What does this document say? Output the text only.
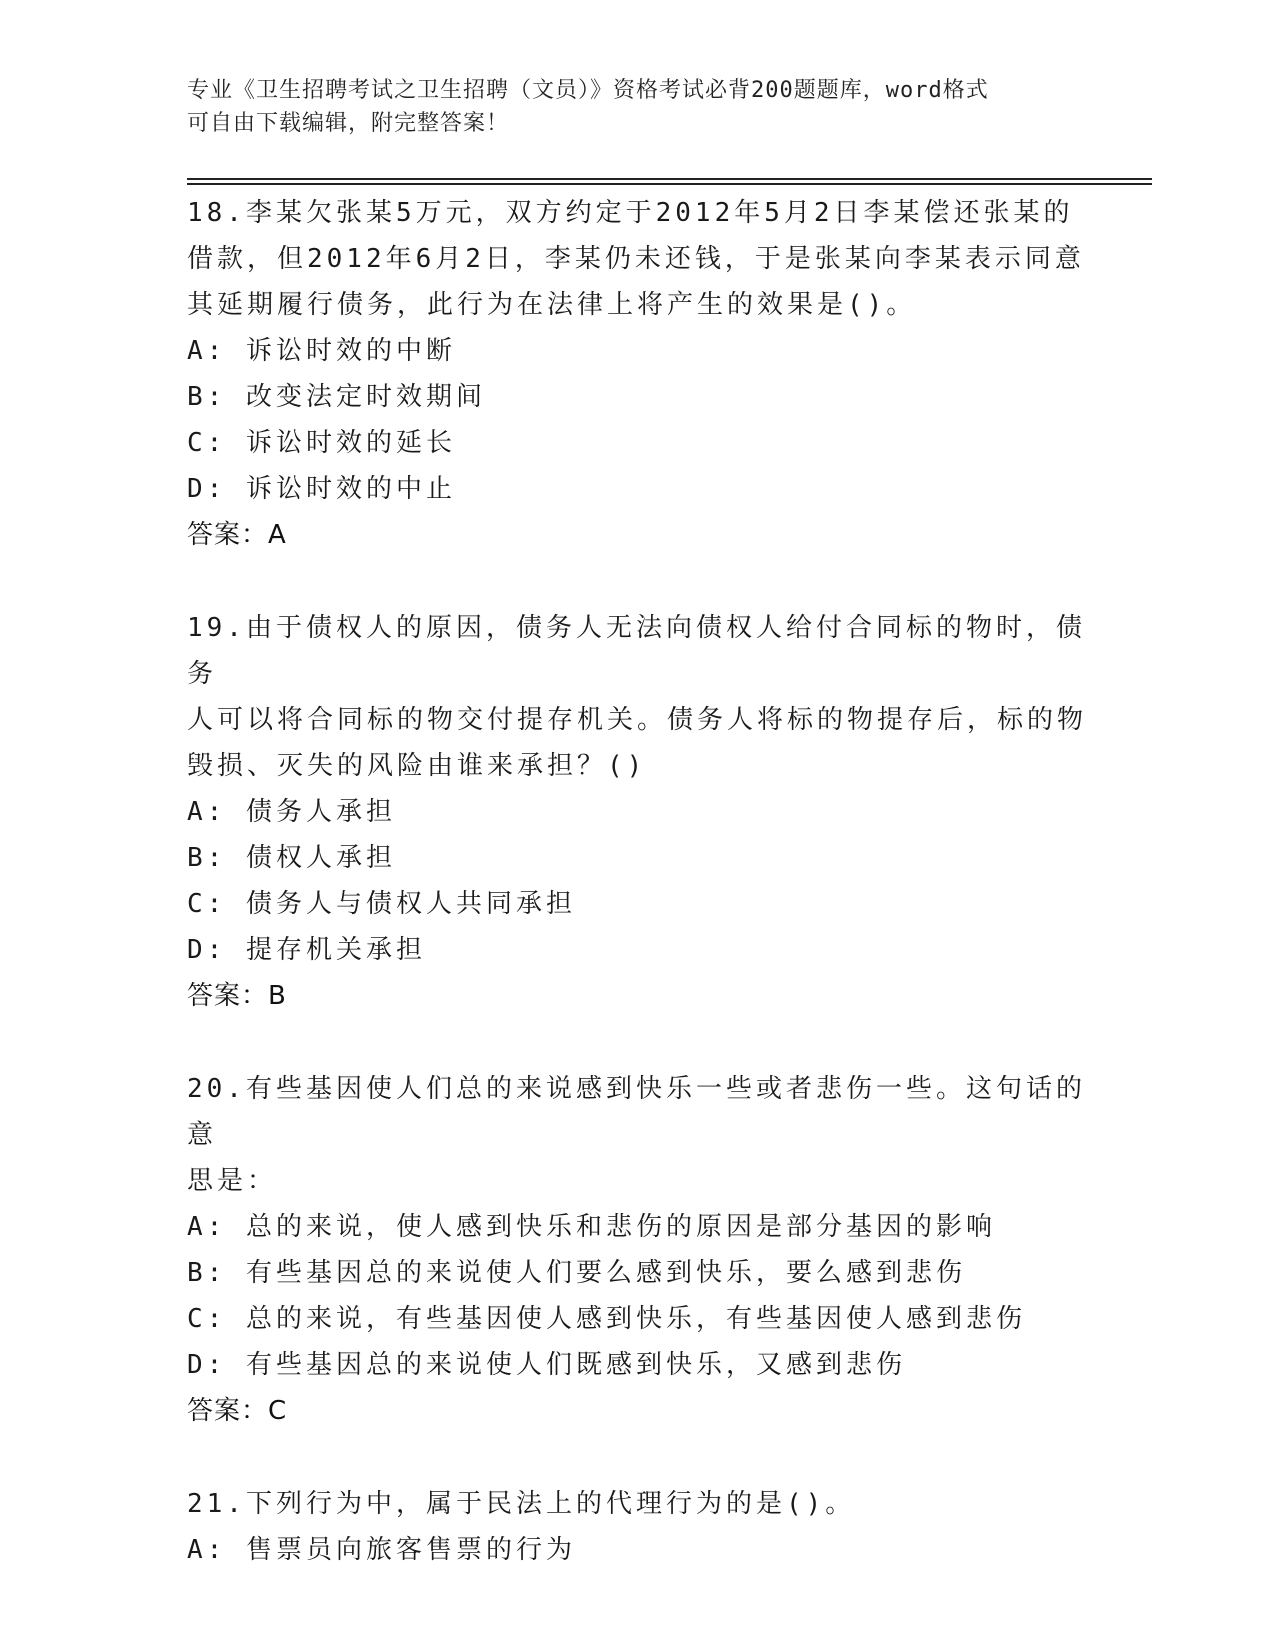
专业《卫生招聘考试之卫生招聘（文员）》资格考试必背200题题库，word格式
可自由下载编辑，附完整答案！
18.李某欠张某5万元，双方约定于2012年5月2日李某偿还张某的
借款，但2012年6月2日，李某仍未还钱，于是张某向李某表示同意
其延期履行债务，此行为在法律上将产生的效果是()。
A: 诉讼时效的中断
B: 改变法定时效期间
C: 诉讼时效的延长
D: 诉讼时效的中止
答案：A
19.由于债权人的原因，债务人无法向债权人给付合同标的物时，债务
人可以将合同标的物交付提存机关。债务人将标的物提存后，标的物
毁损、灭失的风险由谁来承担？()
A: 债务人承担
B: 债权人承担
C: 债务人与债权人共同承担
D: 提存机关承担
答案：B
20.有些基因使人们总的来说感到快乐一些或者悲伤一些。这句话的意
思是：
A: 总的来说，使人感到快乐和悲伤的原因是部分基因的影响
B: 有些基因总的来说使人们要么感到快乐，要么感到悲伤
C: 总的来说，有些基因使人感到快乐，有些基因使人感到悲伤
D: 有些基因总的来说使人们既感到快乐，又感到悲伤
答案：C
21.下列行为中，属于民法上的代理行为的是()。
A: 售票员向旅客售票的行为
